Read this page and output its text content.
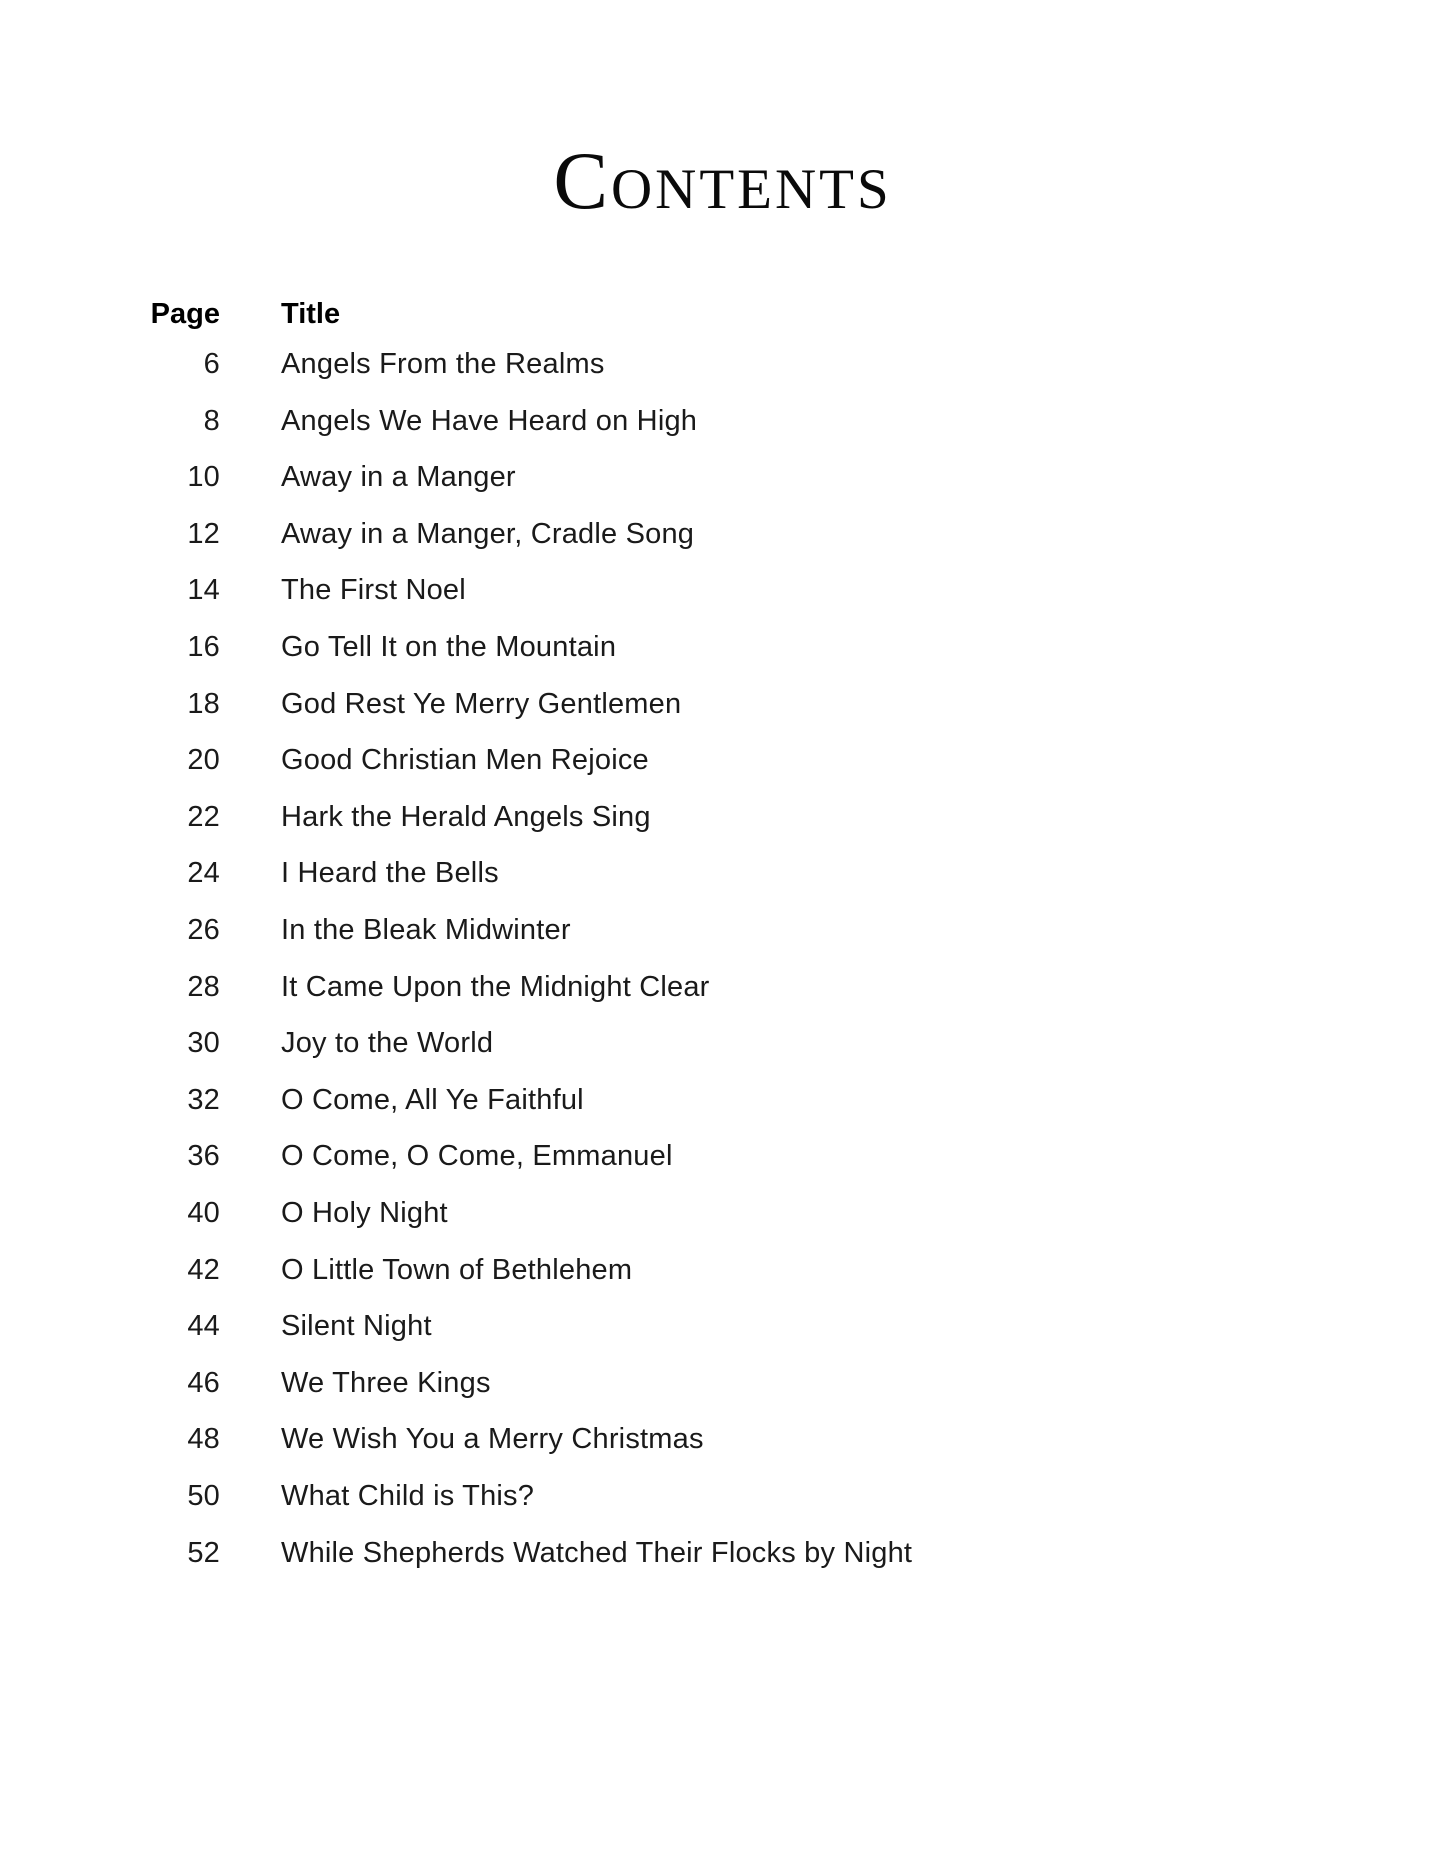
Contents
Page Title
6 Angels From the Realms
8 Angels We Have Heard on High
10 Away in a Manger
12 Away in a Manger, Cradle Song
14 The First Noel
16 Go Tell It on the Mountain
18 God Rest Ye Merry Gentlemen
20 Good Christian Men Rejoice
22 Hark the Herald Angels Sing
24 I Heard the Bells
26 In the Bleak Midwinter
28 It Came Upon the Midnight Clear
30 Joy to the World
32 O Come, All Ye Faithful
36 O Come, O Come, Emmanuel
40 O Holy Night
42 O Little Town of Bethlehem
44 Silent Night
46 We Three Kings
48 We Wish You a Merry Christmas
50 What Child is This?
52 While Shepherds Watched Their Flocks by Night
